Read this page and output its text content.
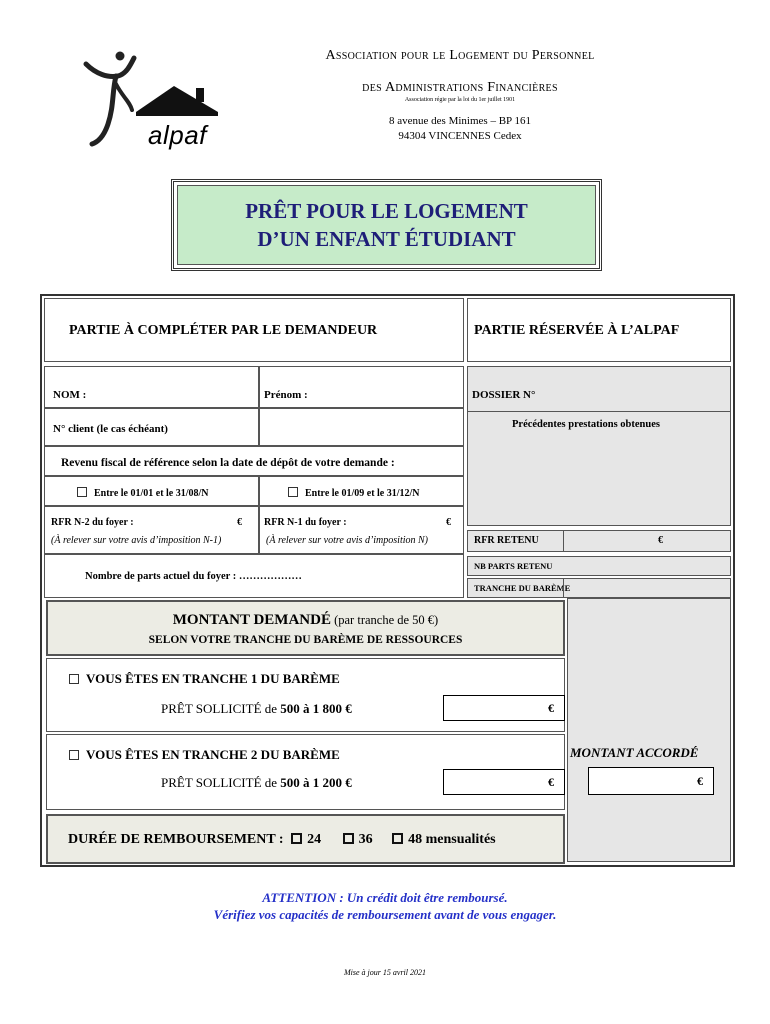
alpaf
Association pour le Logement du Personnel
des Administrations Financières
Association régie par la loi du 1er juillet 1901
8 avenue des Minimes – BP 161
94304 VINCENNES Cedex
PRÊT POUR LE LOGEMENT
D’UN ENFANT ÉTUDIANT
PARTIE À COMPLÉTER PAR LE DEMANDEUR	PARTIE RÉSERVÉE À L’ALPAF
DOSSIER N°
Précédentes prestations obtenues
RFR RETENU	€
NB PARTS RETENU
TRANCHE DU BARÈME
MONTANT ACCORDÉ
€
NOM :	Prénom :
N° client (le cas échéant)
Revenu fiscal de référence selon la date de dépôt de votre demande :
Entre le 01/01 et le 31/08/N	Entre le 01/09 et le 31/12/N
RFR N-2 du foyer :	€
(À relever sur votre avis d’imposition N-1)
RFR N-1 du foyer :	€
(À relever sur votre avis d’imposition N)
Nombre de parts actuel du foyer : ………………
MONTANT DEMANDÉ (par tranche de 50 €)
SELON VOTRE TRANCHE DU BARÈME DE RESSOURCES
VOUS ÊTES EN TRANCHE 1 DU BARÈME
PRÊT SOLLICITÉ de 500 à 1 800 €	€
VOUS ÊTES EN TRANCHE 2 DU BARÈME
PRÊT SOLLICITÉ de 500 à 1 200 €	€
DURÉE DE REMBOURSEMENT : 24	36	48 mensualités
ATTENTION : Un crédit doit être remboursé.
Vérifiez vos capacités de remboursement avant de vous engager.
Mise à jour 15 avril 2021
